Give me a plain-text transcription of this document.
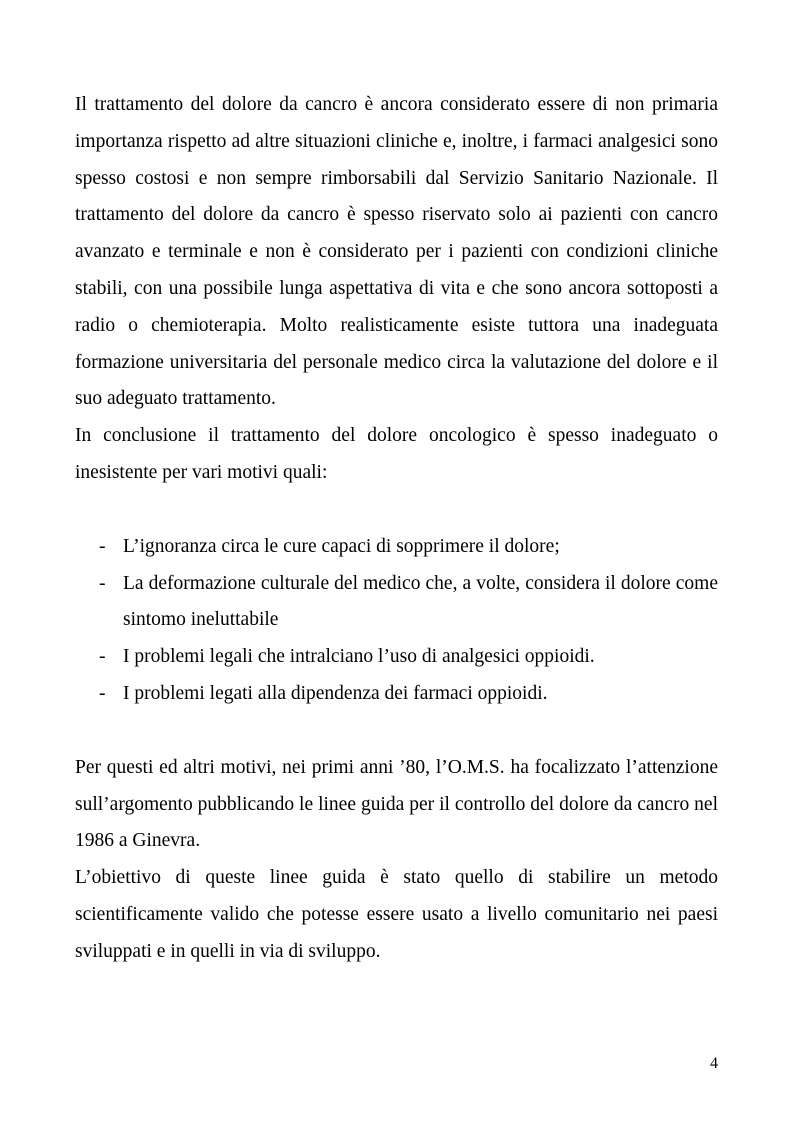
Il trattamento del dolore da cancro è ancora considerato essere di non primaria importanza rispetto ad altre situazioni cliniche e, inoltre, i farmaci analgesici sono spesso costosi e non sempre rimborsabili dal Servizio Sanitario Nazionale. Il trattamento del dolore da cancro è spesso riservato solo ai pazienti con cancro avanzato e terminale e non è considerato per i pazienti con condizioni cliniche stabili, con una possibile lunga aspettativa di vita e che sono ancora sottoposti a radio o chemioterapia. Molto realisticamente esiste tuttora una inadeguata formazione universitaria del personale medico circa la valutazione del dolore e il suo adeguato trattamento.

In conclusione il trattamento del dolore oncologico è spesso inadeguato o inesistente per vari motivi quali:

- L’ignoranza circa le cure capaci di sopprimere il dolore;
- La deformazione culturale del medico che, a volte, considera il dolore come sintomo ineluttabile
- I problemi legali che intralciano l’uso di analgesici oppioidi.
- I problemi legati alla dipendenza dei farmaci oppioidi.

Per questi ed altri motivi, nei primi anni ’80, l’O.M.S. ha focalizzato l’attenzione sull’argomento pubblicando le linee guida per il controllo del dolore da cancro nel 1986 a Ginevra.

L’obiettivo di queste linee guida è stato quello di stabilire un metodo scientificamente valido che potesse essere usato a livello comunitario nei paesi sviluppati e in quelli in via di sviluppo.

4
